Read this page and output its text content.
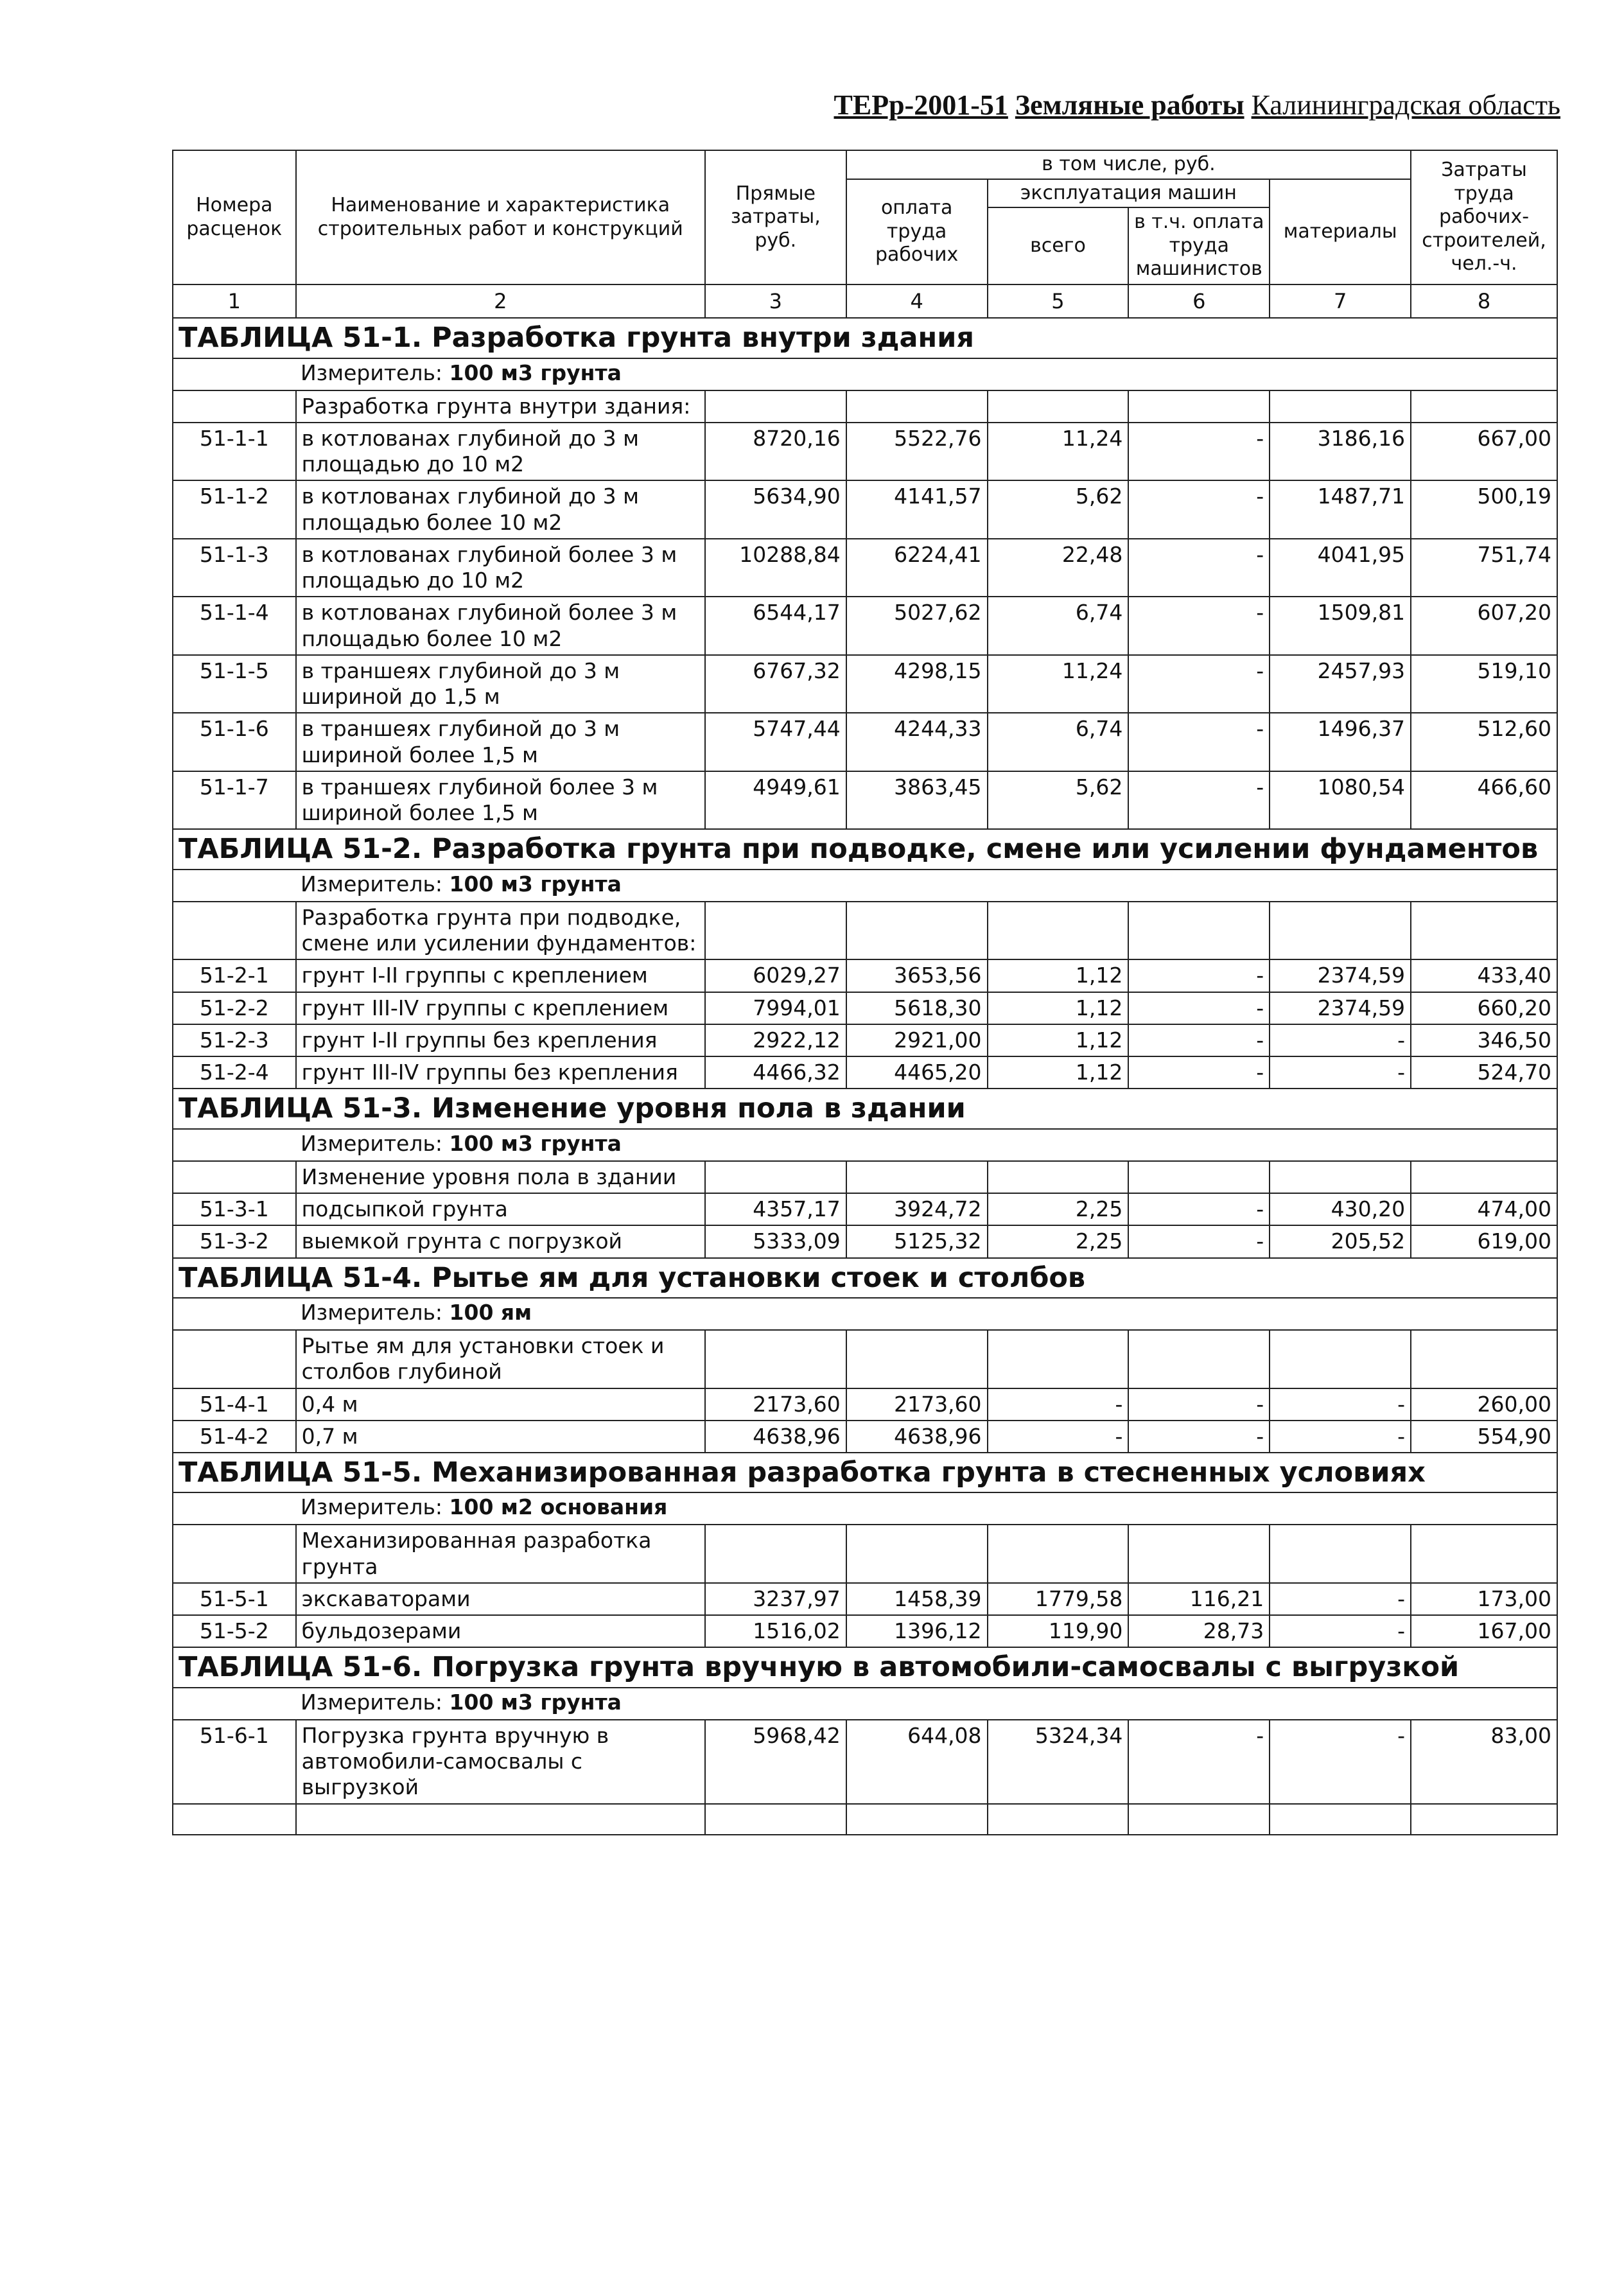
ТЕРр-2001-51 Земляные работы Калининградская область
Номера расценок	Наименование и характеристика строительных работ и конструкций	Прямые затраты, руб.	в том числе, руб.				Затраты труда рабочих-строителей, чел.-ч.
			оплата труда рабочих	эксплуатация машин		материалы	
				всего	в т.ч. оплата труда машинистов		
1	2	3	4	5	6	7	8
ТАБЛИЦА 51-1. Разработка грунта внутри здания							
Измеритель: 100 м3 грунта							
	Разработка грунта внутри здания:						
51-1-1	в котлованах глубиной до 3 м площадью до 10 м2	8720,16	5522,76	11,24	-	3186,16	667,00
51-1-2	в котлованах глубиной до 3 м площадью более 10 м2	5634,90	4141,57	5,62	-	1487,71	500,19
51-1-3	в котлованах глубиной более 3 м площадью до 10 м2	10288,84	6224,41	22,48	-	4041,95	751,74
51-1-4	в котлованах глубиной более 3 м площадью более 10 м2	6544,17	5027,62	6,74	-	1509,81	607,20
51-1-5	в траншеях глубиной до 3 м шириной до 1,5 м	6767,32	4298,15	11,24	-	2457,93	519,10
51-1-6	в траншеях глубиной до 3 м шириной более 1,5 м	5747,44	4244,33	6,74	-	1496,37	512,60
51-1-7	в траншеях глубиной более 3 м шириной более 1,5 м	4949,61	3863,45	5,62	-	1080,54	466,60
ТАБЛИЦА 51-2. Разработка грунта при подводке, смене или усилении фундаментов							
Измеритель: 100 м3 грунта							
	Разработка грунта при подводке, смене или усилении фундаментов:						
51-2-1	грунт I-II группы с креплением	6029,27	3653,56	1,12	-	2374,59	433,40
51-2-2	грунт III-IV группы с креплением	7994,01	5618,30	1,12	-	2374,59	660,20
51-2-3	грунт I-II группы без крепления	2922,12	2921,00	1,12	-	-	346,50
51-2-4	грунт III-IV группы без крепления	4466,32	4465,20	1,12	-	-	524,70
ТАБЛИЦА 51-3. Изменение уровня пола в здании							
Измеритель: 100 м3 грунта							
	Изменение уровня пола в здании						
51-3-1	подсыпкой грунта	4357,17	3924,72	2,25	-	430,20	474,00
51-3-2	выемкой грунта с погрузкой	5333,09	5125,32	2,25	-	205,52	619,00
ТАБЛИЦА 51-4. Рытье ям для установки стоек и столбов							
Измеритель: 100 ям							
	Рытье ям для установки стоек и столбов глубиной						
51-4-1	0,4 м	2173,60	2173,60	-	-	-	260,00
51-4-2	0,7 м	4638,96	4638,96	-	-	-	554,90
ТАБЛИЦА 51-5. Механизированная разработка грунта в стесненных условиях							
Измеритель: 100 м2 основания							
	Механизированная разработка грунта						
51-5-1	экскаваторами	3237,97	1458,39	1779,58	116,21	-	173,00
51-5-2	бульдозерами	1516,02	1396,12	119,90	28,73	-	167,00
ТАБЛИЦА 51-6. Погрузка грунта вручную в автомобили-самосвалы с выгрузкой							
Измеритель: 100 м3 грунта							
51-6-1	Погрузка грунта вручную в автомобили-самосвалы с выгрузкой	5968,42	644,08	5324,34	-	-	83,00
